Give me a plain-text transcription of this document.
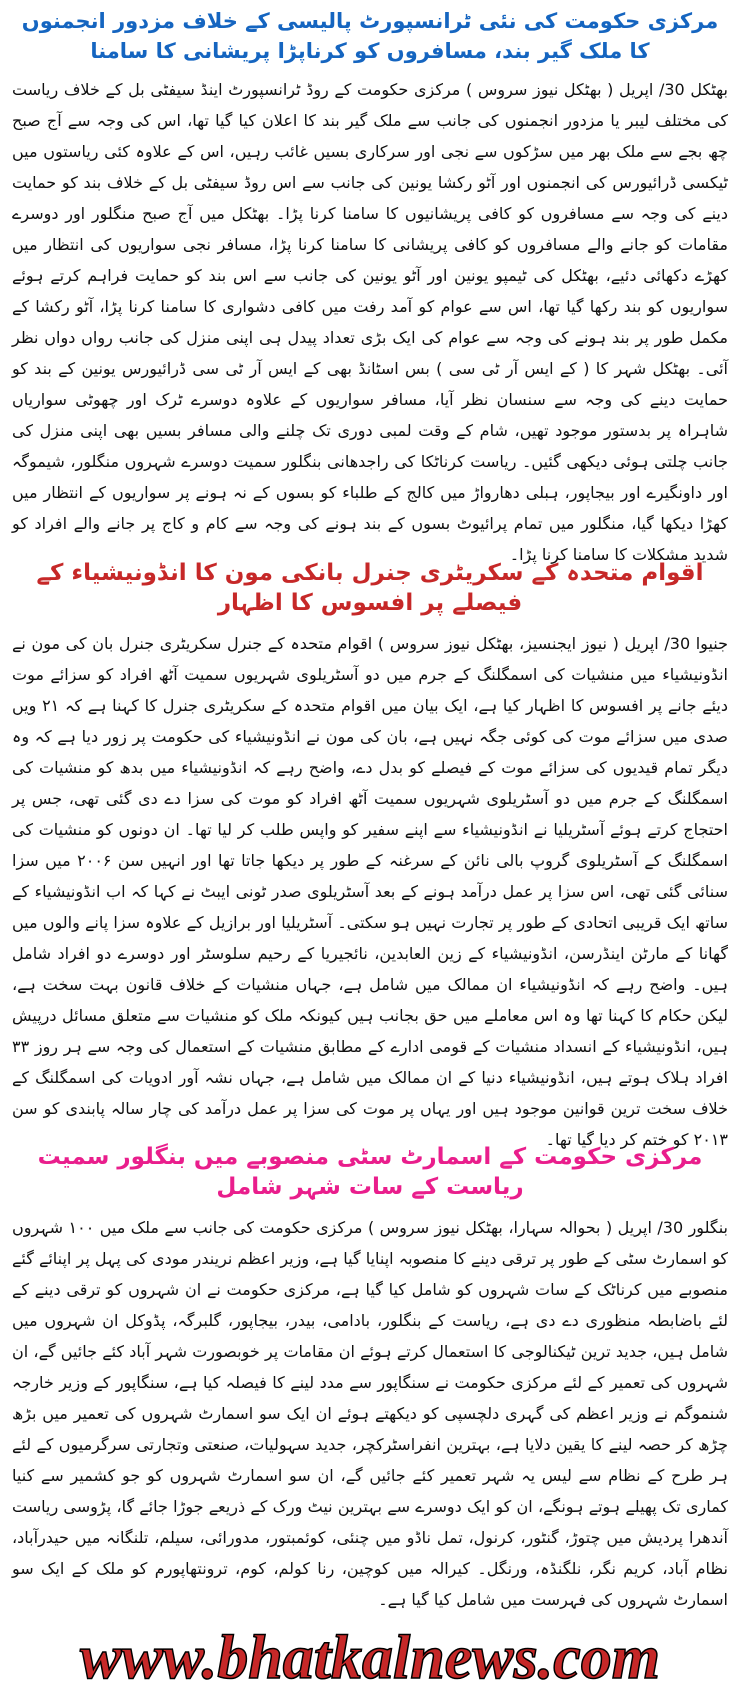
مرکزی حکومت کی نئی ٹرانسپورٹ پالیسی کے خلاف مزدور انجمنوں کا ملک گیر بند، مسافروں کو کرناپڑا پریشانی کا سامنا

بھٹکل 30/ اپریل ( بھٹکل نیوز سروس ) مرکزی حکومت کے روڈ ٹرانسپورٹ اینڈ سیفٹی بل کے خلاف ریاست کی مختلف لیبر یا مزدور انجمنوں کی جانب سے ملک گیر بند کا اعلان کیا گیا تھا، اس کی وجہ سے آج صبح چھ بجے سے ملک بھر میں سڑکوں سے نجی اور سرکاری بسیں غائب رہیں، اس کے علاوہ کئی ریاستوں میں ٹیکسی ڈرائیورس کی انجمنوں اور آٹو رکشا یونین کی جانب سے اس روڈ سیفٹی بل کے خلاف بند کو حمایت دینے کی وجہ سے مسافروں کو کافی پریشانیوں کا سامنا کرنا پڑا۔ بھٹکل میں آج صبح منگلور اور دوسرے مقامات کو جانے والے مسافروں کو کافی پریشانی کا سامنا کرنا پڑا، مسافر نجی سواریوں کی انتظار میں کھڑے دکھائی دئیے، بھٹکل کی ٹیمپو یونین اور آٹو یونین کی جانب سے اس بند کو حمایت فراہم کرتے ہوئے سواریوں کو بند رکھا گیا تھا، اس سے عوام کو آمد رفت میں کافی دشواری کا سامنا کرنا پڑا، آٹو رکشا کے مکمل طور پر بند ہونے کی وجہ سے عوام کی ایک بڑی تعداد پیدل ہی اپنی منزل کی جانب رواں دواں نظر آئی۔ بھٹکل شہر کا ( کے ایس آر ٹی سی ) بس اسٹانڈ بھی کے ایس آر ٹی سی ڈرائیورس یونین کے بند کو حمایت دینے کی وجہ سے سنسان نظر آیا، مسافر سواریوں کے علاوہ دوسرے ٹرک اور چھوٹی سواریاں شاہراہ پر بدستور موجود تھیں، شام کے وقت لمبی دوری تک چلنے والی مسافر بسیں بھی اپنی منزل کی جانب چلتی ہوئی دیکھی گئیں۔ ریاست کرناٹکا کی راجدھانی بنگلور سمیت دوسرے شہروں منگلور، شیموگہ اور داونگیرے اور بیجاپور، ہبلی دھارواڑ میں کالج کے طلباء کو بسوں کے نہ ہونے پر سواریوں کے انتظار میں کھڑا دیکھا گیا، منگلور میں تمام پرائیوٹ بسوں کے بند ہونے کی وجہ سے کام و کاج پر جانے والے افراد کو شدید مشکلات کا سامنا کرنا پڑا۔

اقوام متحدہ کے سکریٹری جنرل بانکی مون کا انڈونیشیاء کے فیصلے پر افسوس کا اظہار

جنیوا 30/ اپریل ( نیوز ایجنسیز، بھٹکل نیوز سروس ) اقوام متحدہ کے جنرل سکریٹری جنرل بان کی مون نے انڈونیشیاء میں منشیات کی اسمگلنگ کے جرم میں دو آسٹریلوی شہریوں سمیت آٹھ افراد کو سزائے موت دیئے جانے پر افسوس کا اظہار کیا ہے، ایک بیان میں اقوام متحدہ کے سکریٹری جنرل کا کہنا ہے کہ ۲۱ ویں صدی میں سزائے موت کی کوئی جگہ نہیں ہے، بان کی مون نے انڈونیشیاء کی حکومت پر زور دیا ہے کہ وہ دیگر تمام قیدیوں کی سزائے موت کے فیصلے کو بدل دے، واضح رہے کہ انڈونیشیاء میں بدھ کو منشیات کی اسمگلنگ کے جرم میں دو آسٹریلوی شہریوں سمیت آٹھ افراد کو موت کی سزا دے دی گئی تھی، جس پر احتجاج کرتے ہوئے آسٹریلیا نے انڈونیشیاء سے اپنے سفیر کو واپس طلب کر لیا تھا۔ ان دونوں کو منشیات کی اسمگلنگ کے آسٹریلوی گروپ بالی نائن کے سرغنہ کے طور پر دیکھا جاتا تھا اور انہیں سن ۲۰۰۶ میں سزا سنائی گئی تھی، اس سزا پر عمل درآمد ہونے کے بعد آسٹریلوی صدر ٹونی ایبٹ نے کہا کہ اب انڈونیشیاء کے ساتھ ایک قریبی اتحادی کے طور پر تجارت نہیں ہو سکتی۔ آسٹریلیا اور برازیل کے علاوہ سزا پانے والوں میں گھانا کے مارٹن اینڈرسن، انڈونیشیاء کے زین العابدین، نائجیریا کے رحیم سلوسٹر اور دوسرے دو افراد شامل ہیں۔ واضح رہے کہ انڈونیشیاء ان ممالک میں شامل ہے، جہاں منشیات کے خلاف قانون بہت سخت ہے، لیکن حکام کا کہنا تھا وہ اس معاملے میں حق بجانب ہیں کیونکہ ملک کو منشیات سے متعلق مسائل درپیش ہیں، انڈونیشیاء کے انسداد منشیات کے قومی ادارے کے مطابق منشیات کے استعمال کی وجہ سے ہر روز ۳۳ افراد ہلاک ہوتے ہیں، انڈونیشیاء دنیا کے ان ممالک میں شامل ہے، جہاں نشہ آور ادویات کی اسمگلنگ کے خلاف سخت ترین قوانین موجود ہیں اور یہاں پر موت کی سزا پر عمل درآمد کی چار سالہ پابندی کو سن ۲۰۱۳ کو ختم کر دیا گیا تھا۔

مرکزی حکومت کے اسمارٹ سٹی منصوبے میں بنگلور سمیت ریاست کے سات شہر شامل

بنگلور 30/ اپریل ( بحوالہ سہارا، بھٹکل نیوز سروس ) مرکزی حکومت کی جانب سے ملک میں ۱۰۰ شہروں کو اسمارٹ سٹی کے طور پر ترقی دینے کا منصوبہ اپنایا گیا ہے، وزیر اعظم نریندر مودی کی پہل پر اپنائے گئے منصوبے میں کرناٹک کے سات شہروں کو شامل کیا گیا ہے، مرکزی حکومت نے ان شہروں کو ترقی دینے کے لئے باضابطہ منظوری دے دی ہے، ریاست کے بنگلور، بادامی، بیدر، بیجاپور، گلبرگہ، پڈوکل ان شہروں میں شامل ہیں، جدید ترین ٹیکنالوجی کا استعمال کرتے ہوئے ان مقامات پر خوبصورت شہر آباد کئے جائیں گے، ان شہروں کی تعمیر کے لئے مرکزی حکومت نے سنگاپور سے مدد لینے کا فیصلہ کیا ہے، سنگاپور کے وزیر خارجہ شنموگم نے وزیر اعظم کی گہری دلچسپی کو دیکھتے ہوئے ان ایک سو اسمارٹ شہروں کی تعمیر میں بڑھ چڑھ کر حصہ لینے کا یقین دلایا ہے، بہترین انفراسٹرکچر، جدید سہولیات، صنعتی وتجارتی سرگرمیوں کے لئے ہر طرح کے نظام سے لیس یہ شہر تعمیر کئے جائیں گے، ان سو اسمارٹ شہروں کو جو کشمیر سے کنیا کماری تک پھیلے ہوتے ہونگے، ان کو ایک دوسرے سے بہترین نیٹ ورک کے ذریعے جوڑا جائے گا، پڑوسی ریاست آندھرا پردیش میں چتوڑ، گنٹور، کرنول، تمل ناڈو میں چنئی، کوئمبتور، مدورائی، سیلم، تلنگانہ میں حیدرآباد، نظام آباد، کریم نگر، نلگنڈہ، ورنگل۔ کیرالہ میں کوچین، رنا کولم، کوم، ترونتھاپورم کو ملک کے ایک سو اسمارٹ شہروں کی فہرست میں شامل کیا گیا ہے۔

www.bhatkalnews.com
